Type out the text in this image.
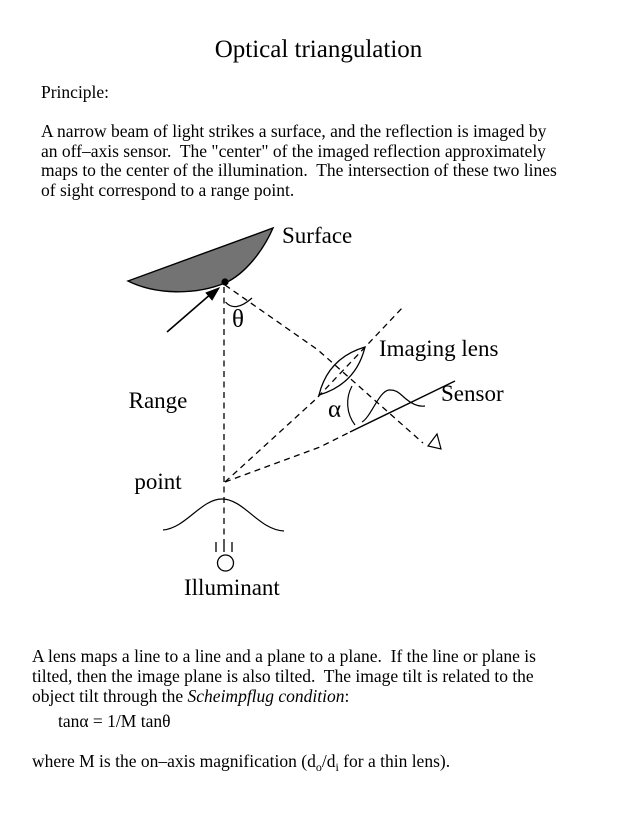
Optical triangulation
Principle:
A narrow beam of light strikes a surface, and the reflection is imaged by
an off–axis sensor.  The "center" of the imaged reflection approximately
maps to the center of the illumination.  The intersection of these two lines
of sight correspond to a range point.
Surface

Range

point

θ
Imaging lens
α
Sensor
Illuminant
A lens maps a line to a line and a plane to a plane.  If the line or plane is
tilted, then the image plane is also tilted.  The image tilt is related to the
object tilt through the Scheimpflug condition:
tanα = 1/M tanθ
where M is the on–axis magnification ($d_o/d_i$ for a thin lens).
